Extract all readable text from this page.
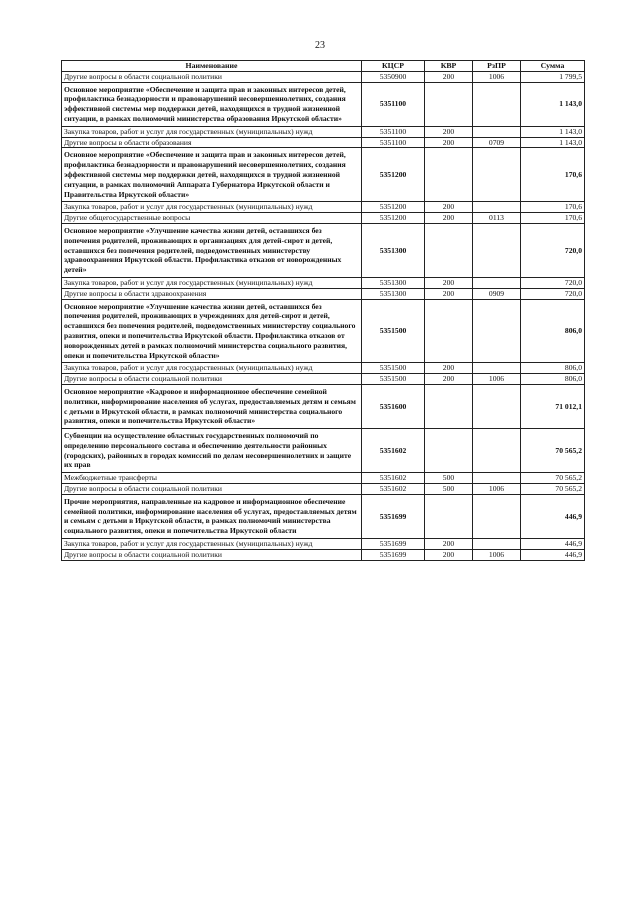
23
Наименование	КЦСР	КВР	РзПР	Сумма
Другие вопросы в области социальной политики	5350900	200	1006	1 799,5
Основное мероприятие «Обеспечение и защита прав и законных интересов детей, профилактика безнадзорности и правонарушений несовершеннолетних, создания эффективной системы мер поддержки детей, находящихся в трудной жизненной ситуации, в рамках полномочий министерства образования Иркутской области»	5351100			1 143,0
Закупка товаров, работ и услуг для государственных (муниципальных) нужд	5351100	200		1 143,0
Другие вопросы в области образования	5351100	200	0709	1 143,0
Основное мероприятие «Обеспечение и защита прав и законных интересов детей, профилактика безнадзорности и правонарушений несовершеннолетних, создания эффективной системы мер поддержки детей, находящихся в трудной жизненной ситуации, в рамках полномочий Аппарата Губернатора Иркутской области и Правительства Иркутской области»	5351200			170,6
Закупка товаров, работ и услуг для государственных (муниципальных) нужд	5351200	200		170,6
Другие общегосударственные вопросы	5351200	200	0113	170,6
Основное мероприятие «Улучшение качества жизни детей, оставшихся без попечения родителей, проживающих в организациях для детей-сирот и детей, оставшихся без попечения родителей, подведомственных министерству здравоохранения Иркутской области. Профилактика отказов от новорожденных детей»	5351300			720,0
Закупка товаров, работ и услуг для государственных (муниципальных) нужд	5351300	200		720,0
Другие вопросы в области здравоохранения	5351300	200	0909	720,0
Основное мероприятие «Улучшение качества жизни детей, оставшихся без попечения родителей, проживающих в учреждениях для детей-сирот и детей, оставшихся без попечения родителей, подведомственных министерству социального развития, опеки и попечительства Иркутской области. Профилактика отказов от новорожденных детей в рамках полномочий министерства социального развития, опеки и попечительства Иркутской области»	5351500			806,0
Закупка товаров, работ и услуг для государственных (муниципальных) нужд	5351500	200		806,0
Другие вопросы в области социальной политики	5351500	200	1006	806,0
Основное мероприятие «Кадровое и информационное обеспечение семейной политики, информирование населения об услугах, предоставляемых детям и семьям с детьми в Иркутской области, в рамках полномочий министерства социального развития, опеки и попечительства Иркутской области»	5351600			71 012,1
Субвенции на осуществление областных государственных полномочий по определению персонального состава и обеспечению деятельности районных (городских), районных в городах комиссий по делам несовершеннолетних и защите их прав	5351602			70 565,2
Межбюджетные трансферты	5351602	500		70 565,2
Другие вопросы в области социальной политики	5351602	500	1006	70 565,2
Прочие мероприятия, направленные на кадровое и информационное обеспечение семейной политики, информирование населения об услугах, предоставляемых детям и семьям с детьми в Иркутской области, в рамках полномочий министерства социального развития, опеки и попечительства Иркутской области	5351699			446,9
Закупка товаров, работ и услуг для государственных (муниципальных) нужд	5351699	200		446,9
Другие вопросы в области социальной политики	5351699	200	1006	446,9
